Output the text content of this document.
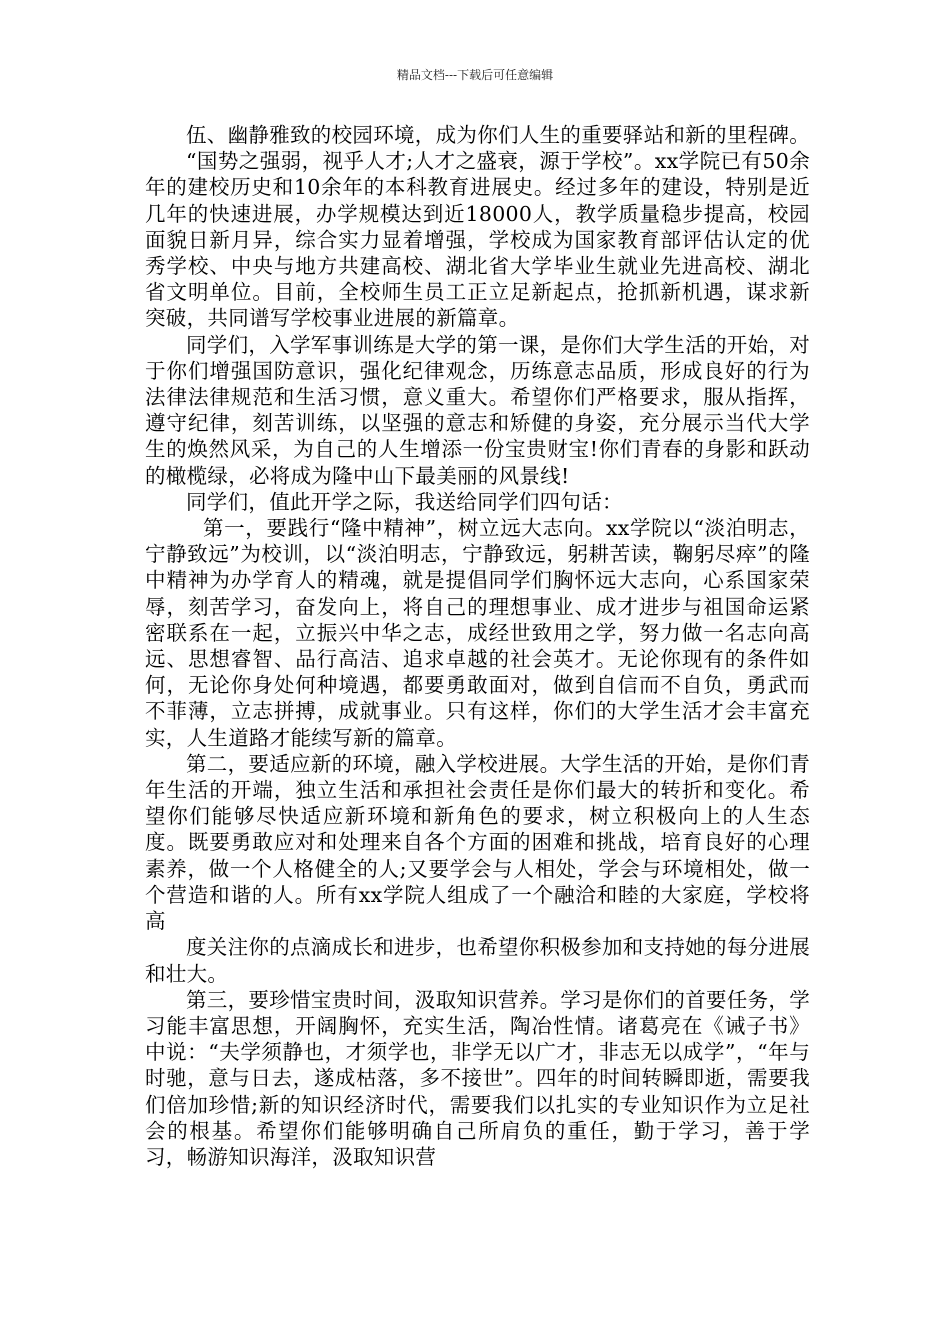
精品文档---下载后可任意编辑

伍、幽静雅致的校园环境，成为你们人生的重要驿站和新的里程碑。

“国势之强弱，视乎人才;人才之盛衰，源于学校”。xx学院已有50余年的建校历史和10余年的本科教育进展史。经过多年的建设，特别是近几年的快速进展，办学规模达到近18000人，教学质量稳步提高，校园面貌日新月异，综合实力显着增强，学校成为国家教育部评估认定的优秀学校、中央与地方共建高校、湖北省大学毕业生就业先进高校、湖北省文明单位。目前，全校师生员工正立足新起点，抢抓新机遇，谋求新突破，共同谱写学校事业进展的新篇章。

同学们，入学军事训练是大学的第一课，是你们大学生活的开始，对于你们增强国防意识，强化纪律观念，历练意志品质，形成良好的行为法律法律规范和生活习惯，意义重大。希望你们严格要求，服从指挥，遵守纪律，刻苦训练，以坚强的意志和矫健的身姿，充分展示当代大学生的焕然风采，为自己的人生增添一份宝贵财宝!你们青春的身影和跃动的橄榄绿，必将成为隆中山下最美丽的风景线!

同学们，值此开学之际，我送给同学们四句话：

第一，要践行“隆中精神”，树立远大志向。xx学院以“淡泊明志，宁静致远”为校训，以“淡泊明志，宁静致远，躬耕苦读，鞠躬尽瘁”的隆中精神为办学育人的精魂，就是提倡同学们胸怀远大志向，心系国家荣辱，刻苦学习，奋发向上，将自己的理想事业、成才进步与祖国命运紧密联系在一起，立振兴中华之志，成经世致用之学，努力做一名志向高远、思想睿智、品行高洁、追求卓越的社会英才。无论你现有的条件如何，无论你身处何种境遇，都要勇敢面对，做到自信而不自负，勇武而不菲薄，立志拼搏，成就事业。只有这样，你们的大学生活才会丰富充实，人生道路才能续写新的篇章。

第二，要适应新的环境，融入学校进展。大学生活的开始，是你们青年生活的开端，独立生活和承担社会责任是你们最大的转折和变化。希望你们能够尽快适应新环境和新角色的要求，树立积极向上的人生态度。既要勇敢应对和处理来自各个方面的困难和挑战，培育良好的心理素养，做一个人格健全的人;又要学会与人相处，学会与环境相处，做一个营造和谐的人。所有xx学院人组成了一个融洽和睦的大家庭，学校将高

度关注你的点滴成长和进步，也希望你积极参加和支持她的每分进展和壮大。

第三，要珍惜宝贵时间，汲取知识营养。学习是你们的首要任务，学习能丰富思想，开阔胸怀，充实生活，陶冶性情。诸葛亮在《诫子书》中说：“夫学须静也，才须学也，非学无以广才，非志无以成学”，“年与时驰，意与日去，遂成枯落，多不接世”。四年的时间转瞬即逝，需要我们倍加珍惜;新的知识经济时代，需要我们以扎实的专业知识作为立足社会的根基。希望你们能够明确自己所肩负的重任，勤于学习，善于学习，畅游知识海洋，汲取知识营
